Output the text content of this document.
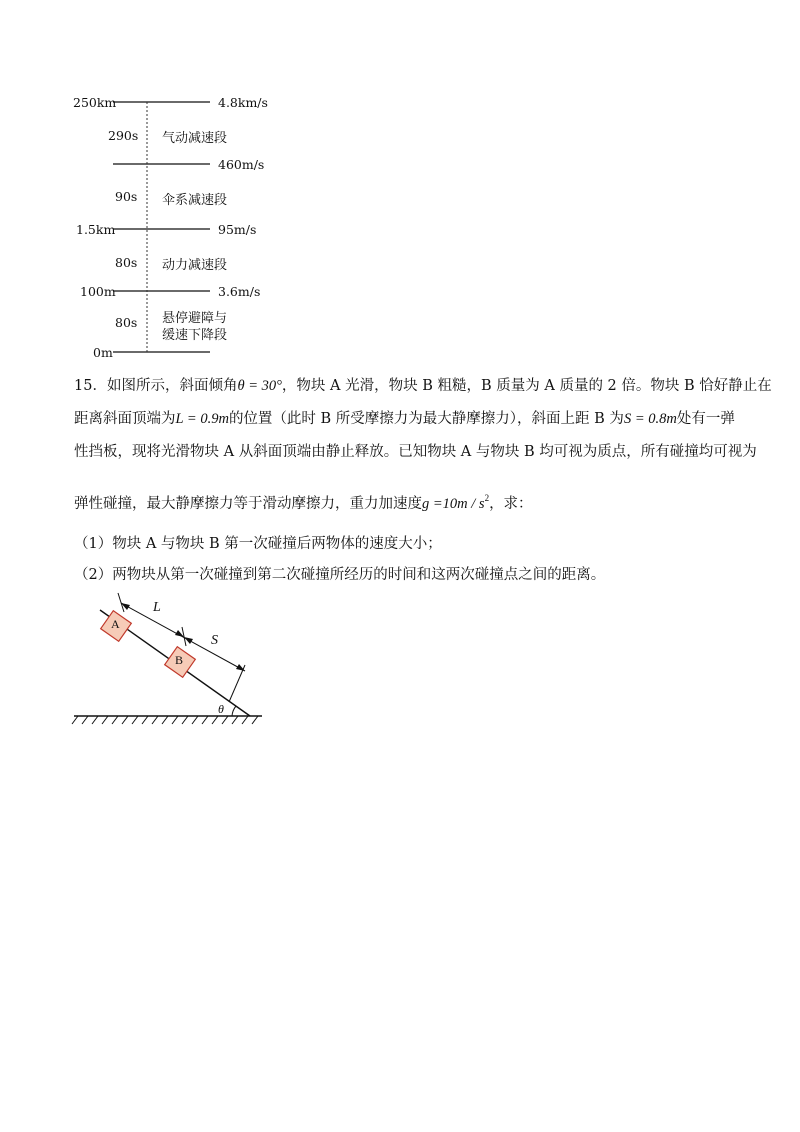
250km
1.5km
100m
0m
290s
90s
80s
80s
4.8km/s
460m/s
95m/s
3.6m/s
气动减速段
伞系减速段
动力减速段
悬停避障与
缓速下降段
15．如图所示，斜面倾角θ = 30°，物块 A 光滑，物块 B 粗糙，B 质量为 A 质量的 2 倍。物块 B 恰好静止在
距离斜面顶端为L = 0.9m的位置（此时 B 所受摩擦力为最大静摩擦力），斜面上距 B 为S = 0.8m处有一弹
性挡板，现将光滑物块 A 从斜面顶端由静止释放。已知物块 A 与物块 B 均可视为质点，所有碰撞均可视为
弹性碰撞，最大静摩擦力等于滑动摩擦力，重力加速度$g =10m / s^2$，求：
（1）物块 A 与物块 B 第一次碰撞后两物体的速度大小；
（2）两物块从第一次碰撞到第二次碰撞所经历的时间和这两次碰撞点之间的距离。
A
B
L
S
θ
